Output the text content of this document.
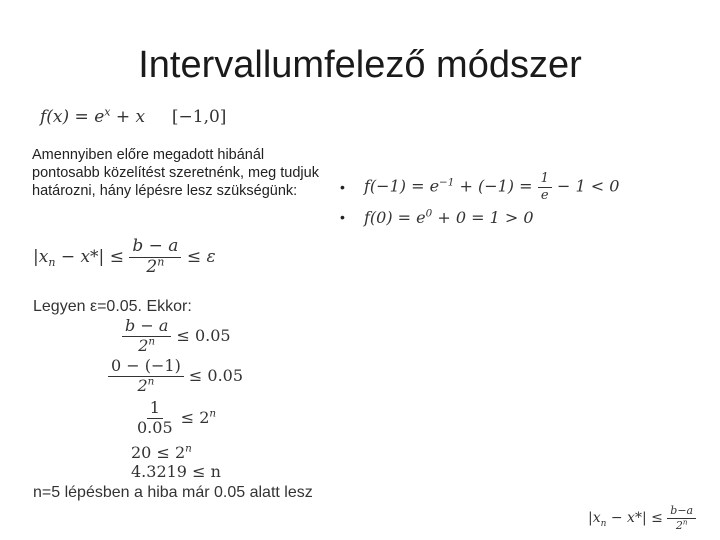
Intervallumfelező módszer
$f(x) = e^x + x$ [−1,0]
Amennyiben előre megadott hibánál pontosabb közelítést szeretnénk, meg tudjuk határozni, hány lépésre lesz szükségünk:	•	$f(-1) = e^{-1} + (-1) = \frac{1}{e} - 1 < 0$
•	$f(0) = e^0 + 0 = 1 > 0$
$|x_n - x*| \le \frac{b - a}{2^n} \le \varepsilon$
Legyen ε=0.05. Ekkor:
$\frac{b - a}{2^n} \le 0.05$
$\frac{0 - (-1)}{2^n} \le 0.05$
$\frac{1}{0.05} \le 2^n$
$20 \le 2^n$
4.3219 ≤ n
n=5 lépésben a hiba már 0.05 alatt lesz
$|x_n - x*| \le \frac{b-a}{2^n}$
